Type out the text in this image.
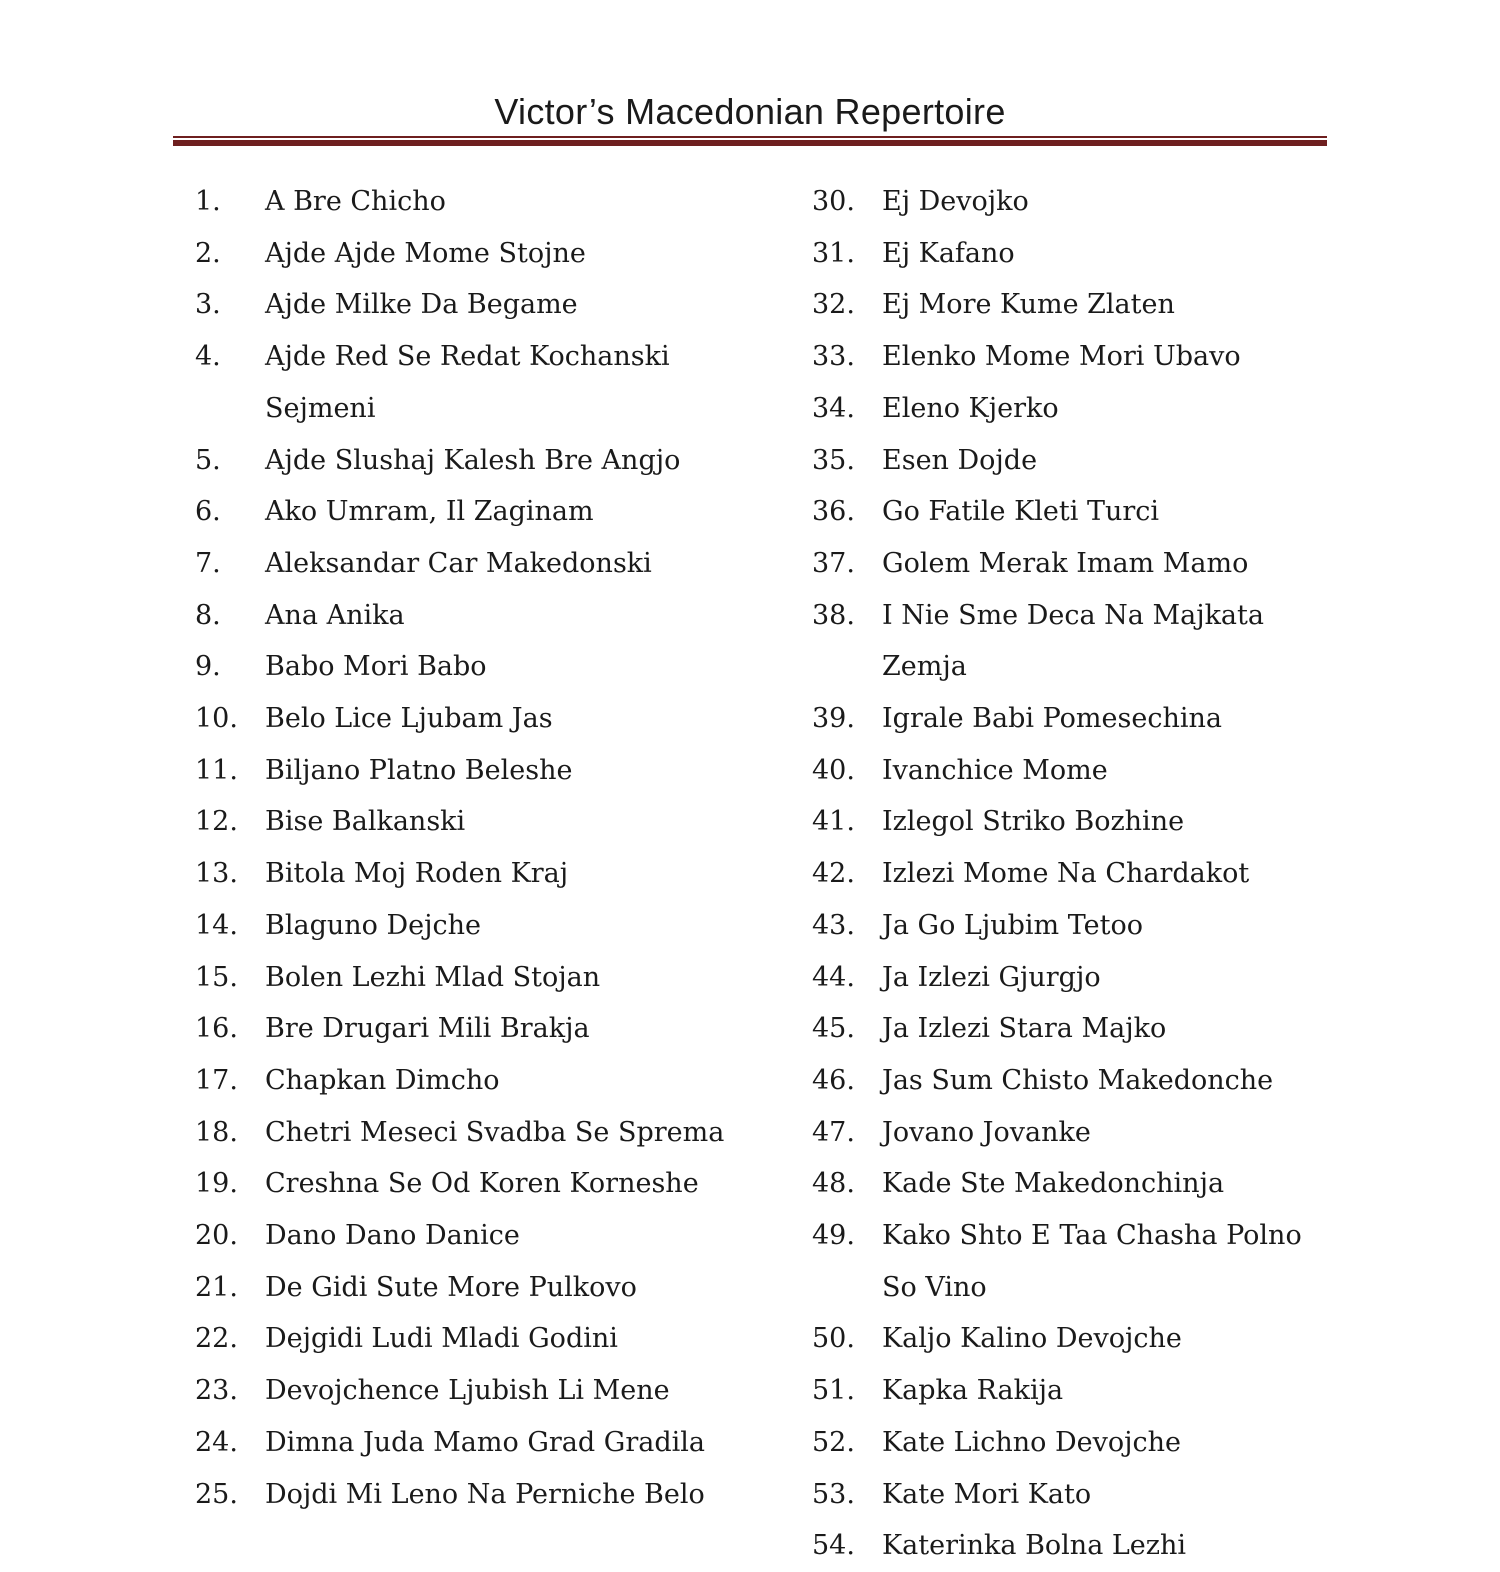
Victor’s Macedonian Repertoire
1.	A Bre Chicho
2.	Ajde Ajde Mome Stojne
3.	Ajde Milke Da Begame
4.	Ajde Red Se Redat Kochanski Sejmeni
5.	Ajde Slushaj Kalesh Bre Angjo
6.	Ako Umram, Il Zaginam
7.	Aleksandar Car Makedonski
8.	Ana Anika
9.	Babo Mori Babo
10.	Belo Lice Ljubam Jas
11.	Biljano Platno Beleshe
12.	Bise Balkanski
13.	Bitola Moj Roden Kraj
14.	Blaguno Dejche
15.	Bolen Lezhi Mlad Stojan
16.	Bre Drugari Mili Brakja
17.	Chapkan Dimcho
18.	Chetri Meseci Svadba Se Sprema
19.	Creshna Se Od Koren Korneshe
20.	Dano Dano Danice
21.	De Gidi Sute More Pulkovo
22.	Dejgidi Ludi Mladi Godini
23.	Devojchence Ljubish Li Mene
24.	Dimna Juda Mamo Grad Gradila
25.	Dojdi Mi Leno Na Perniche Belo
30.	Ej Devojko
31.	Ej Kafano
32.	Ej More Kume Zlaten
33.	Elenko Mome Mori Ubavo
34.	Eleno Kjerko
35.	Esen Dojde
36.	Go Fatile Kleti Turci
37.	Golem Merak Imam Mamo
38.	I Nie Sme Deca Na Majkata Zemja
39.	Igrale Babi Pomesechina
40.	Ivanchice Mome
41.	Izlegol Striko Bozhine
42.	Izlezi Mome Na Chardakot
43.	Ja Go Ljubim Tetoo
44.	Ja Izlezi Gjurgjo
45.	Ja Izlezi Stara Majko
46.	Jas Sum Chisto Makedonche
47.	Jovano Jovanke
48.	Kade Ste Makedonchinja
49.	Kako Shto E Taa Chasha Polno So Vino
50.	Kaljo Kalino Devojche
51.	Kapka Rakija
52.	Kate Lichno Devojche
53.	Kate Mori Kato
54.	Katerinka Bolna Lezhi
